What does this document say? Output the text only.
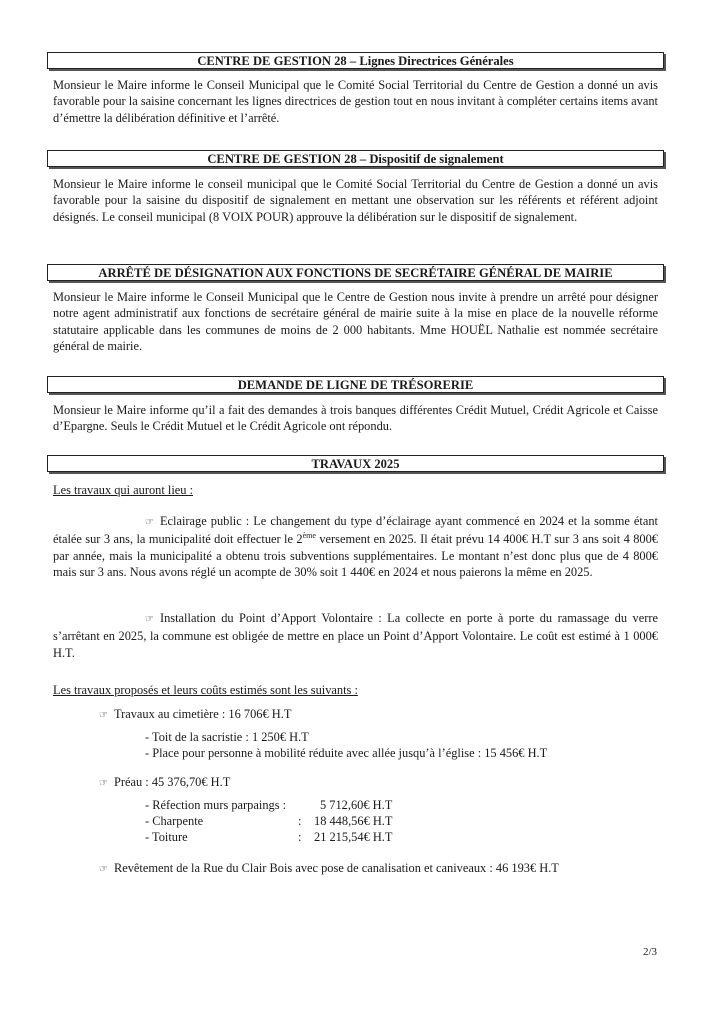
CENTRE DE GESTION 28 – Lignes Directrices Générales
Monsieur le Maire informe le Conseil Municipal que le Comité Social Territorial du Centre de Gestion a donné un avis favorable pour la saisine concernant les lignes directrices de gestion tout en nous invitant à compléter certains items avant d’émettre la délibération définitive et l’arrêté.
CENTRE DE GESTION 28 – Dispositif de signalement
Monsieur le Maire informe le conseil municipal que le Comité Social Territorial du Centre de Gestion a donné un avis favorable pour la saisine du dispositif de signalement en mettant une observation sur les référents et référent adjoint désignés. Le conseil municipal (8 VOIX POUR) approuve la délibération sur le dispositif de signalement.
ARRÊTÉ DE DÉSIGNATION AUX FONCTIONS DE SECRÉTAIRE GÉNÉRAL DE MAIRIE
Monsieur le Maire informe le Conseil Municipal que le Centre de Gestion nous invite à prendre un arrêté pour désigner notre agent administratif aux fonctions de secrétaire général de mairie suite à la mise en place de la nouvelle réforme statutaire applicable dans les communes de moins de 2 000 habitants. Mme HOUËL Nathalie est nommée secrétaire général de mairie.
DEMANDE DE LIGNE DE TRÉSORERIE
Monsieur le Maire informe qu’il a fait des demandes à trois banques différentes Crédit Mutuel, Crédit Agricole et Caisse d’Epargne. Seuls le Crédit Mutuel et le Crédit Agricole ont répondu.
TRAVAUX 2025
Les travaux qui auront lieu :
☞ Eclairage public : Le changement du type d’éclairage ayant commencé en 2024 et la somme étant étalée sur 3 ans, la municipalité doit effectuer le 2ème versement en 2025. Il était prévu 14 400€ H.T sur 3 ans soit 4 800€ par année, mais la municipalité a obtenu trois subventions supplémentaires. Le montant n’est donc plus que de 4 800€ mais sur 3 ans. Nous avons réglé un acompte de 30% soit 1 440€ en 2024 et nous paierons la même en 2025.
☞ Installation du Point d’Apport Volontaire : La collecte en porte à porte du ramassage du verre s’arrêtant en 2025, la commune est obligée de mettre en place un Point d’Apport Volontaire. Le coût est estimé à 1 000€ H.T.
Les travaux proposés et leurs coûts estimés sont les suivants :
☞ Travaux au cimetière : 16 706€ H.T
- Toit de la sacristie : 1 250€ H.T
- Place pour personne à mobilité réduite avec allée jusqu’à l’église : 15 456€ H.T
☞ Préau : 45 376,70€ H.T
- Réfection murs parpaings :	5 712,60€ H.T
- Charpente	: 18 448,56€ H.T
- Toiture	: 21 215,54€ H.T
☞ Revêtement de la Rue du Clair Bois avec pose de canalisation et caniveaux : 46 193€ H.T
2/3
